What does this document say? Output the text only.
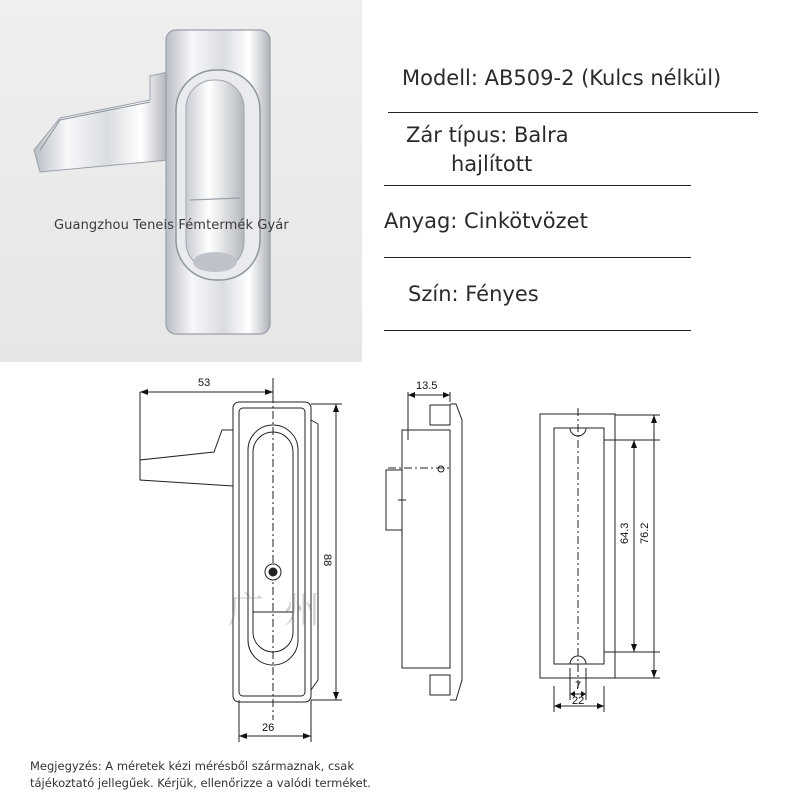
Guangzhou Teneis Fémtermék Gyár
Modell: AB509-2 (Kulcs nélkül)
Zár típus: Balra
hajlított
Anyag: Cinkötvözet
Szín: Fényes
53
88
26
13.5
64.3 76.2
7
22
广州
Megjegyzés: A méretek kézi mérésből származnak, csak
tájékoztató jellegűek. Kérjük, ellenőrizze a valódi terméket.
